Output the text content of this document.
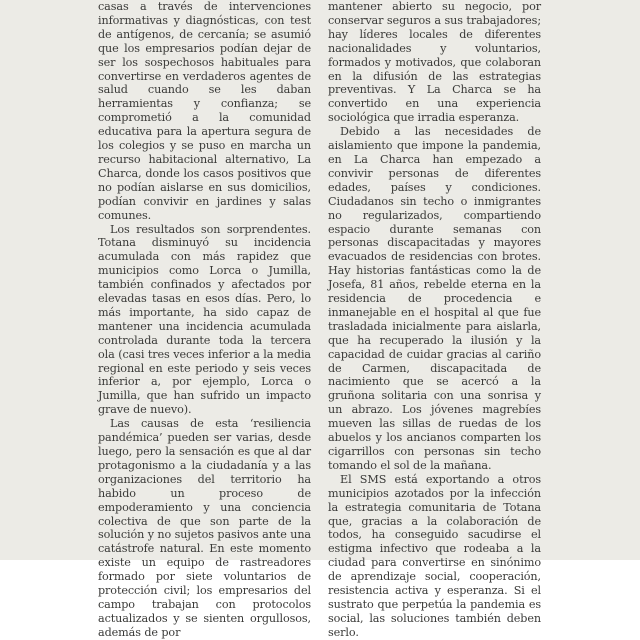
casas a través de intervenciones informativas y diagnósticas, con test de antígenos, de cercanía; se asumió que los empresarios podían dejar de ser los sospechosos habituales para convertirse en verdaderos agentes de salud cuando se les daban herramientas y confianza; se comprometió a la comunidad educativa para la apertura segura de los colegios y se puso en marcha un recurso habitacional alternativo, La Charca, donde los casos positivos que no podían aislarse en sus domicilios, podían convivir en jardines y salas comunes.

Los resultados son sorprendentes. Totana disminuyó su incidencia acumulada con más rapidez que municipios como Lorca o Jumilla, también confinados y afectados por elevadas tasas en esos días. Pero, lo más importante, ha sido capaz de mantener una incidencia acumulada controlada durante toda la tercera ola (casi tres veces inferior a la media regional en este periodo y seis veces inferior a, por ejemplo, Lorca o Jumilla, que han sufrido un impacto grave de nuevo).

Las causas de esta ‘resiliencia pandémica’ pueden ser varias, desde luego, pero la sensación es que al dar protagonismo a la ciudadanía y a las organizaciones del territorio ha habido un proceso de empoderamiento y una conciencia colectiva de que son parte de la solución y no sujetos pasivos ante una catástrofe natural. En este momento existe un equipo de rastreadores formado por siete voluntarios de protección civil; los empresarios del campo trabajan con protocolos actualizados y se sienten orgullosos, además de por

mantener abierto su negocio, por conservar seguros a sus trabajadores; hay líderes locales de diferentes nacionalidades y voluntarios, formados y motivados, que colaboran en la difusión de las estrategias preventivas. Y La Charca se ha convertido en una experiencia sociológica que irradia esperanza.

Debido a las necesidades de aislamiento que impone la pandemia, en La Charca han empezado a convivir personas de diferentes edades, países y condiciones. Ciudadanos sin techo o inmigrantes no regularizados, compartiendo espacio durante semanas con personas discapacitadas y mayores evacuados de residencias con brotes. Hay historias fantásticas como la de Josefa, 81 años, rebelde eterna en la residencia de procedencia e inmanejable en el hospital al que fue trasladada inicialmente para aislarla, que ha recuperado la ilusión y la capacidad de cuidar gracias al cariño de Carmen, discapacitada de nacimiento que se acercó a la gruñona solitaria con una sonrisa y un abrazo. Los jóvenes magrebíes mueven las sillas de ruedas de los abuelos y los ancianos comparten los cigarrillos con personas sin techo tomando el sol de la mañana.

El SMS está exportando a otros municipios azotados por la infección la estrategia comunitaria de Totana que, gracias a la colaboración de todos, ha conseguido sacudirse el estigma infectivo que rodeaba a la ciudad para convertirse en sinónimo de aprendizaje social, cooperación, resistencia activa y esperanza. Si el sustrato que perpetúa la pandemia es social, las soluciones también deben serlo.
